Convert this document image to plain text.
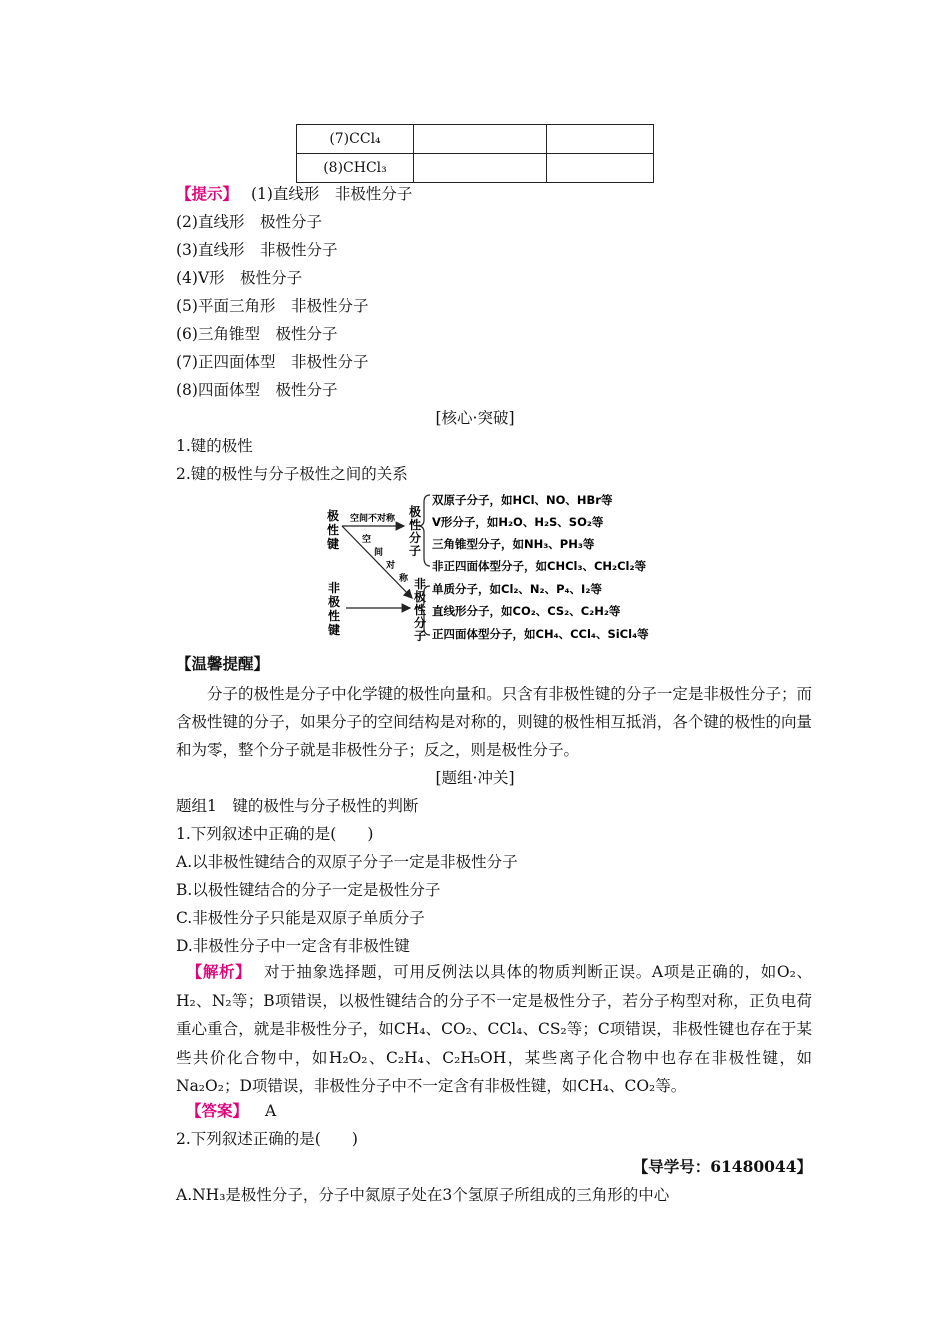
(7)CCl₄		
(8)CHCl₃		
【提示】 (1)直线形　非极性分子
(2)直线形　极性分子
(3)直线形　非极性分子
(4)V形　极性分子
(5)平面三角形　非极性分子
(6)三角锥型　极性分子
(7)正四面体型　非极性分子
(8)四面体型　极性分子
[核心·突破]
1.键的极性
2.键的极性与分子极性之间的关系
极
性
键
非
极
性
键
极
性
分
子
非
极
性
分
子
空间不对称
空
间
对
称
双原子分子，如HCl、NO、HBr等
V形分子，如H₂O、H₂S、SO₂等
三角锥型分子，如NH₃、PH₃等
非正四面体型分子，如CHCl₃、CH₂Cl₂等
单质分子，如Cl₂、N₂、P₄、I₂等
直线形分子，如CO₂、CS₂、C₂H₂等
正四面体型分子，如CH₄、CCl₄、SiCl₄等
【温馨提醒】
分子的极性是分子中化学键的极性向量和。只含有非极性键的分子一定是非极性分子；而含极性键的分子，如果分子的空间结构是对称的，则键的极性相互抵消，各个键的极性的向量和为零，整个分子就是非极性分子；反之，则是极性分子。
[题组·冲关]
题组1　键的极性与分子极性的判断
1.下列叙述中正确的是(　　)
A.以非极性键结合的双原子分子一定是非极性分子
B.以极性键结合的分子一定是极性分子
C.非极性分子只能是双原子单质分子
D.非极性分子中一定含有非极性键
【解析】 对于抽象选择题，可用反例法以具体的物质判断正误。A项是正确的，如O₂、H₂、N₂等；B项错误，以极性键结合的分子不一定是极性分子，若分子构型对称，正负电荷重心重合，就是非极性分子，如CH₄、CO₂、CCl₄、CS₂等；C项错误，非极性键也存在于某些共价化合物中，如H₂O₂、C₂H₄、C₂H₅OH，某些离子化合物中也存在非极性键，如Na₂O₂；D项错误，非极性分子中不一定含有非极性键，如CH₄、CO₂等。
【答案】 A
2.下列叙述正确的是(　　)
【导学号：61480044】
A.NH₃是极性分子，分子中氮原子处在3个氢原子所组成的三角形的中心
